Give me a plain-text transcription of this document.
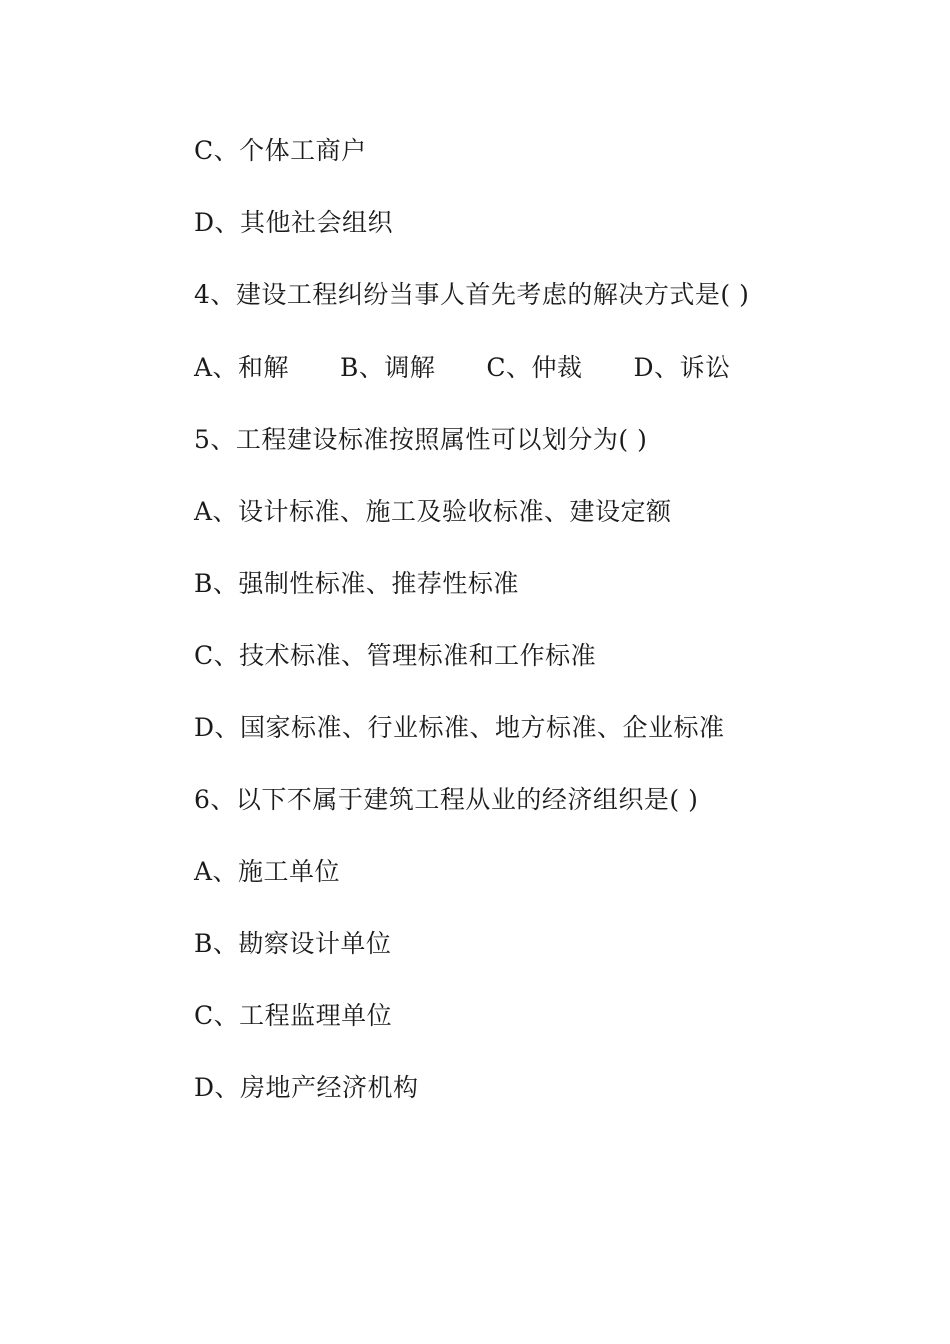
C、个体工商户
D、其他社会组织
4、建设工程纠纷当事人首先考虑的解决方式是( )
A、和解　　B、调解　　C、仲裁　　D、诉讼
5、工程建设标准按照属性可以划分为( )
A、设计标准、施工及验收标准、建设定额
B、强制性标准、推荐性标准
C、技术标准、管理标准和工作标准
D、国家标准、行业标准、地方标准、企业标准
6、以下不属于建筑工程从业的经济组织是( )
A、施工单位
B、勘察设计单位
C、工程监理单位
D、房地产经济机构
